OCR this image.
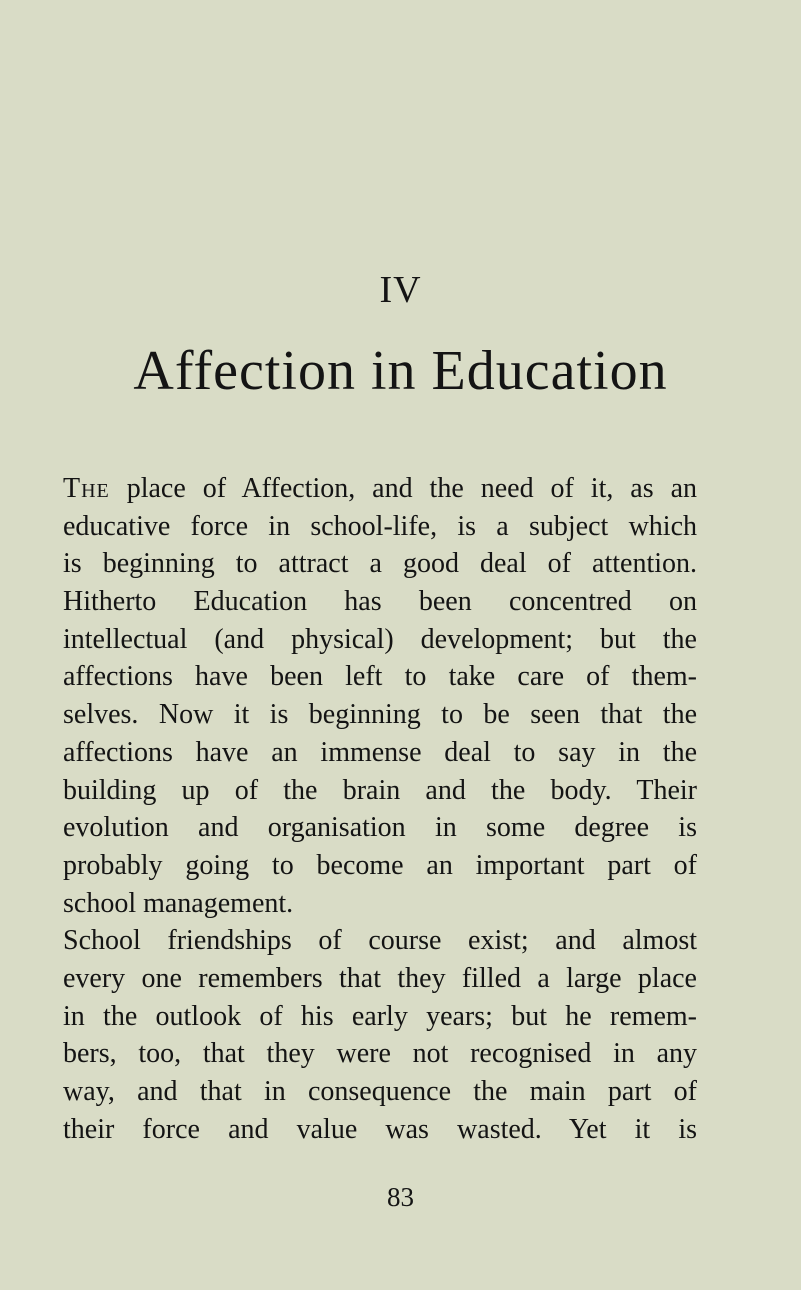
IV
Affection in Education
The place of Affection, and the need of it, as an
educative force in school-life, is a subject which
is beginning to attract a good deal of attention.
Hitherto Education has been concentred on
intellectual (and physical) development; but the
affections have been left to take care of them-
selves. Now it is beginning to be seen that the
affections have an immense deal to say in the
building up of the brain and the body. Their
evolution and organisation in some degree is
probably going to become an important part of
school management.
School friendships of course exist; and almost
every one remembers that they filled a large place
in the outlook of his early years; but he remem-
bers, too, that they were not recognised in any
way, and that in consequence the main part of
their force and value was wasted. Yet it is
83
